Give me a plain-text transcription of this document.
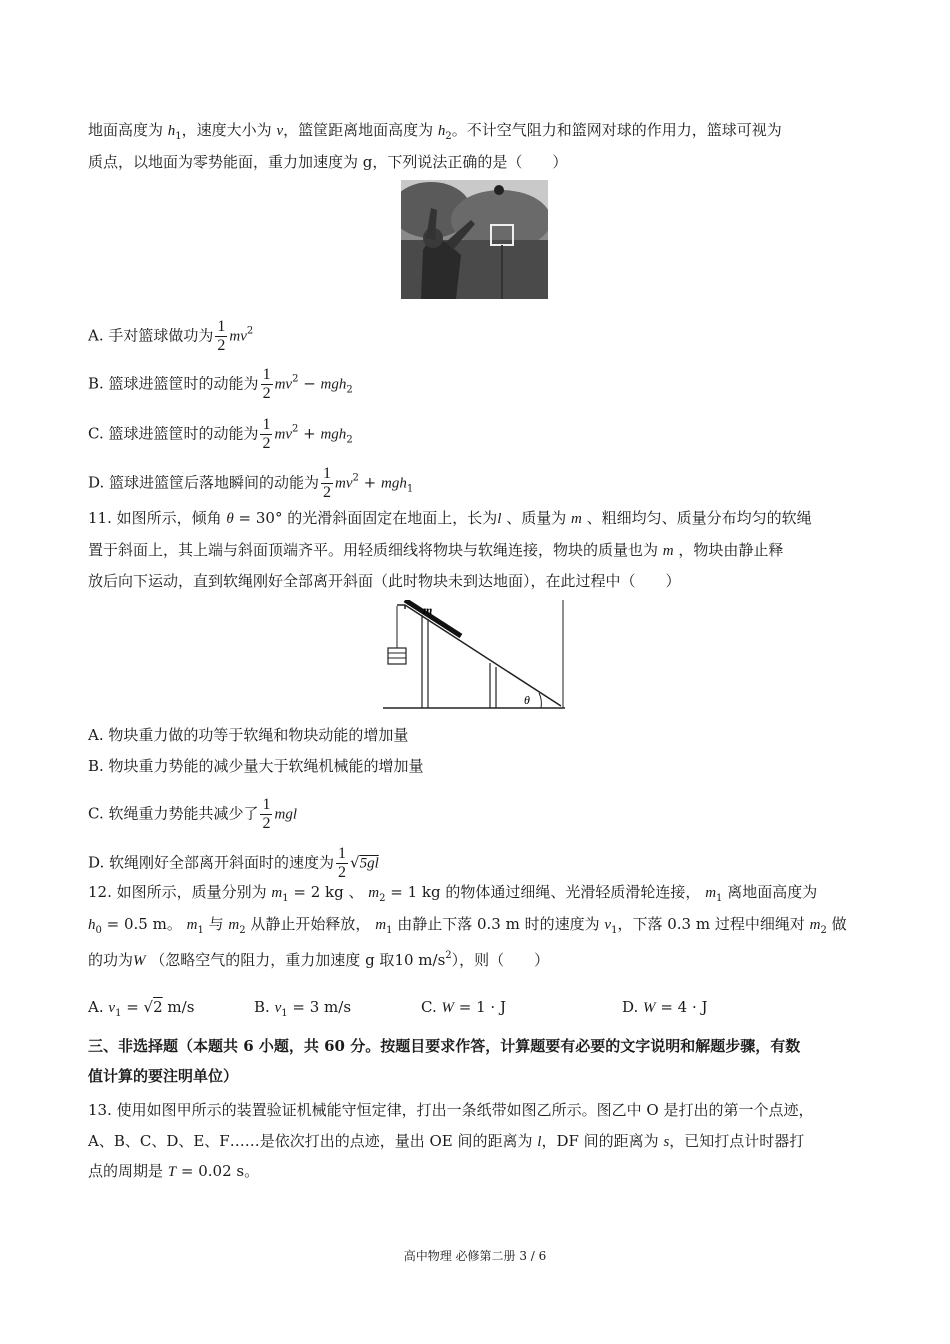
地面高度为 $h_1$，速度大小为 v，篮筐距离地面高度为 $h_2$。不计空气阻力和篮网对球的作用力，篮球可视为
质点，以地面为零势能面，重力加速度为 g，下列说法正确的是（　　）
A. 手对篮球做功为 $\frac{1}{2} mv^2$
B. 篮球进篮筐时的动能为 $\frac{1}{2} mv^2 - mgh_2$
C. 篮球进篮筐时的动能为 $\frac{1}{2} mv^2 + mgh_2$
D. 篮球进篮筐后落地瞬间的动能为 $\frac{1}{2} mv^2 + mgh_1$
11. 如图所示，倾角 θ = 30° 的光滑斜面固定在地面上，长为l 、质量为 m 、粗细均匀、质量分布均匀的软绳
置于斜面上，其上端与斜面顶端齐平。用轻质细线将物块与软绳连接，物块的质量也为 m ，物块由静止释
放后向下运动，直到软绳刚好全部离开斜面（此时物块未到达地面），在此过程中（　　）
m
θ
A. 物块重力做的功等于软绳和物块动能的增加量
B. 物块重力势能的减少量大于软绳机械能的增加量
C. 软绳重力势能共减少了 $\frac{1}{2}$ mgl
D. 软绳刚好全部离开斜面时的速度为 $\frac{1}{2} √5gl$
12. 如图所示，质量分别为 $m_1 = 2$ kg 、 $m_2 = 1$ kg 的物体通过细绳、光滑轻质滑轮连接， $m_1$ 离地面高度为
$h_0 = 0.5$ m。 $m_1$ 与 $m_2$ 从静止开始释放， $m_1$ 由静止下落 0.3 m 时的速度为 $v_1$，下落 0.3 m 过程中细绳对 $m_2$ 做
的功为W （忽略空气的阻力，重力加速度 g 取10 $m/s^2$），则（　　）
A. $v_1 = √2$ m/s	B. $v_1 = 3$ m/s	C. W = 1 · J	D. W = 4 · J
三、非选择题（本题共 6 小题，共 60 分。按题目要求作答，计算题要有必要的文字说明和解题步骤，有数
值计算的要注明单位）
13. 使用如图甲所示的装置验证机械能守恒定律，打出一条纸带如图乙所示。图乙中 O 是打出的第一个点迹，
A、B、C、D、E、F……是依次打出的点迹，量出 OE 间的距离为 l，DF 间的距离为 s，已知打点计时器打
点的周期是 T = 0.02 s。
高中物理 必修第二册 3 / 6
